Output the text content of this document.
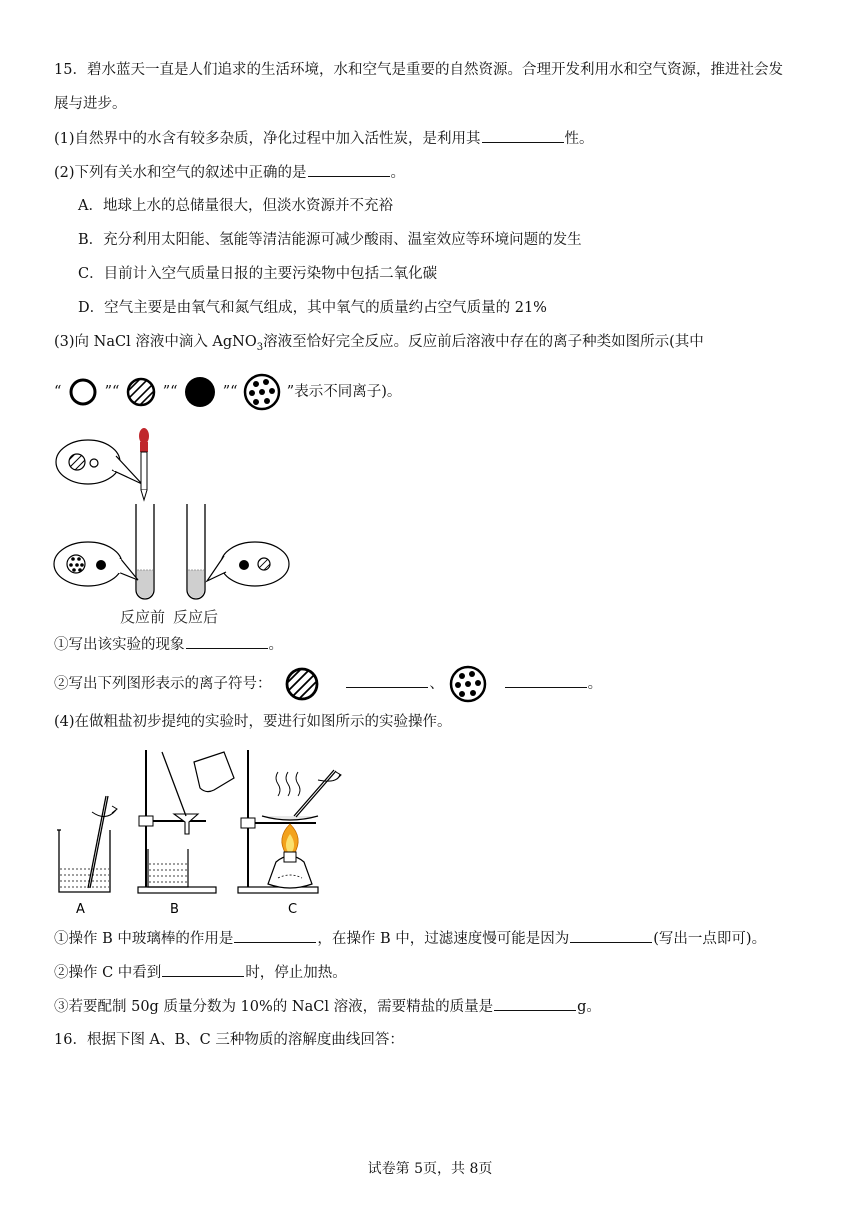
15．碧水蓝天一直是人们追求的生活环境，水和空气是重要的自然资源。合理开发利用水和空气资源，推进社会发
展与进步。
(1)自然界中的水含有较多杂质，净化过程中加入活性炭，是利用其	性。
(2)下列有关水和空气的叙述中正确的是	。
A．地球上水的总储量很大，但淡水资源并不充裕
B．充分利用太阳能、氢能等清洁能源可减少酸雨、温室效应等环境问题的发生
C．目前计入空气质量日报的主要污染物中包括二氧化碳
D．空气主要是由氧气和氮气组成，其中氧气的质量约占空气质量的 21%
(3)向 NaCl 溶液中滴入 AgNO$_3$溶液至恰好完全反应。反应前后溶液中存在的离子种类如图所示(其中
“	”“	”“	”“	”表示不同离子)。
反应前 反应后
①写出该实验的现象	。
②写出下列图形表示的离子符号：	、	。
(4)在做粗盐初步提纯的实验时，要进行如图所示的实验操作。
A	B	C
①操作 B 中玻璃棒的作用是	，在操作 B 中，过滤速度慢可能是因为	(写出一点即可)。
②操作 C 中看到	时，停止加热。
③若要配制 50g 质量分数为 10%的 NaCl 溶液，需要精盐的质量是	g。
16．根据下图 A、B、C 三种物质的溶解度曲线回答：
试卷第 5页，共 8页
